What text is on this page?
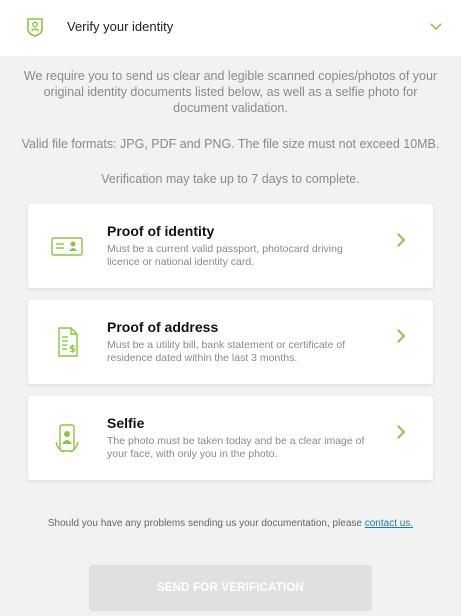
Verify your identity
We require you to send us clear and legible scanned copies/photos of your original identity documents listed below, as well as a selfie photo for document validation.
Valid file formats: JPG, PDF and PNG. The file size must not exceed 10MB.
Verification may take up to 7 days to complete.
Proof of identity
Must be a current valid passport, photocard driving licence or national identity card.
$
Proof of address
Must be a utility bill, bank statement or certificate of residence dated within the last 3 months.
Selfie
The photo must be taken today and be a clear image of your face, with only you in the photo.
Should you have any problems sending us your documentation, please contact us.
SEND FOR VERIFICATION
